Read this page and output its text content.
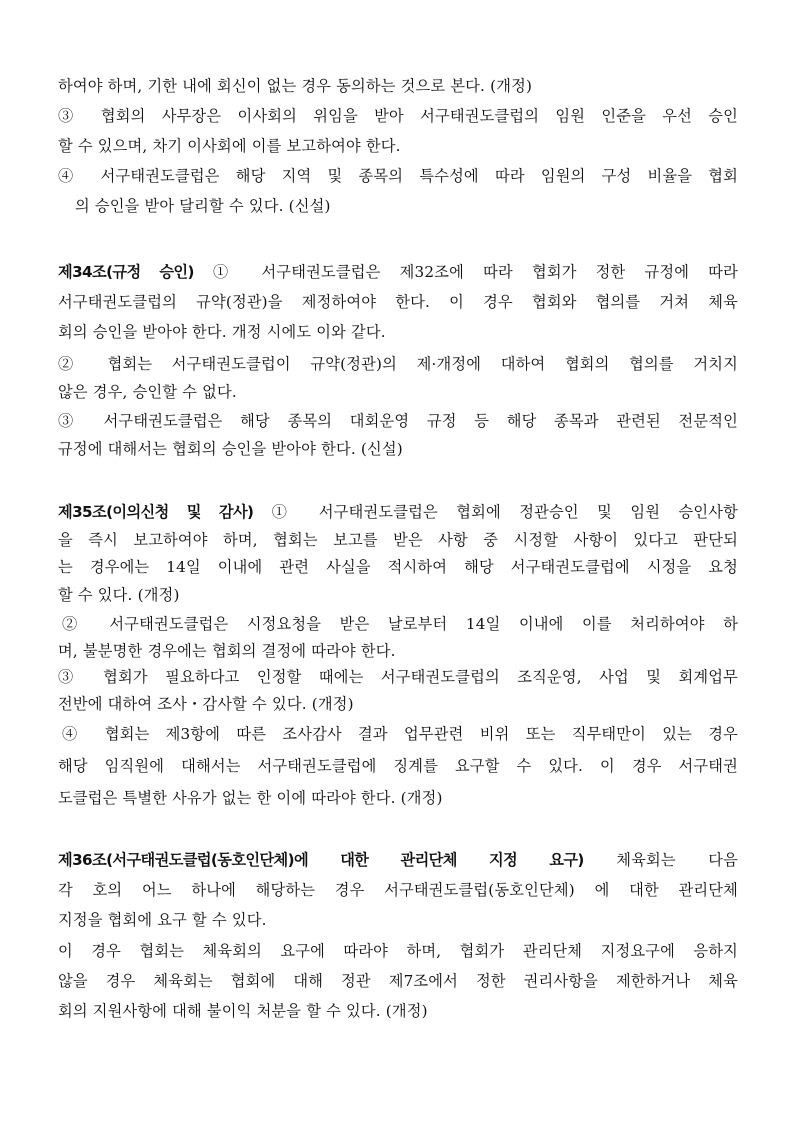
하여야 하며, 기한 내에 회신이 없는 경우 동의하는 것으로 본다. (개정)
③ 협회의 사무장은 이사회의 위임을 받아 서구태권도클럽의 임원 인준을 우선 승인
할 수 있으며, 차기 이사회에 이를 보고하여야 한다.
④ 서구태권도클럽은 해당 지역 및 종목의 특수성에 따라 임원의 구성 비율을 협회
의 승인을 받아 달리할 수 있다. (신설)
제34조(규정 승인) ① 서구태권도클럽은 제32조에 따라 협회가 정한 규정에 따라
서구태권도클럽의 규약(정관)을 제정하여야 한다. 이 경우 협회와 협의를 거쳐 체육
회의 승인을 받아야 한다. 개정 시에도 이와 같다.
② 협회는 서구태권도클럽이 규약(정관)의 제·개정에 대하여 협회의 협의를 거치지
않은 경우, 승인할 수 없다.
③ 서구태권도클럽은 해당 종목의 대회운영 규정 등 해당 종목과 관련된 전문적인
규정에 대해서는 협회의 승인을 받아야 한다. (신설)
제35조(이의신청 및 감사) ① 서구태권도클럽은 협회에 정관승인 및 임원 승인사항
을 즉시 보고하여야 하며, 협회는 보고를 받은 사항 중 시정할 사항이 있다고 판단되
는 경우에는 14일 이내에 관련 사실을 적시하여 해당 서구태권도클럽에 시정을 요청
할 수 있다. (개정)
② 서구태권도클럽은 시정요청을 받은 날로부터 14일 이내에 이를 처리하여야 하
며, 불분명한 경우에는 협회의 결정에 따라야 한다.
③ 협회가 필요하다고 인정할 때에는 서구태권도클럽의 조직운영, 사업 및 회계업무
전반에 대하여 조사・감사할 수 있다. (개정)
④ 협회는 제3항에 따른 조사감사 결과 업무관련 비위 또는 직무태만이 있는 경우
해당 임직원에 대해서는 서구태권도클럽에 징계를 요구할 수 있다. 이 경우 서구태권
도클럽은 특별한 사유가 없는 한 이에 따라야 한다. (개정)
제36조(서구태권도클럽(동호인단체)에 대한 관리단체 지정 요구) 체육회는 다음
각 호의 어느 하나에 해당하는 경우 서구태권도클럽(동호인단체) 에 대한 관리단체
지정을 협회에 요구 할 수 있다.
이 경우 협회는 체육회의 요구에 따라야 하며, 협회가 관리단체 지정요구에 응하지
않을 경우 체육회는 협회에 대해 정관 제7조에서 정한 권리사항을 제한하거나 체육
회의 지원사항에 대해 불이익 처분을 할 수 있다. (개정)
